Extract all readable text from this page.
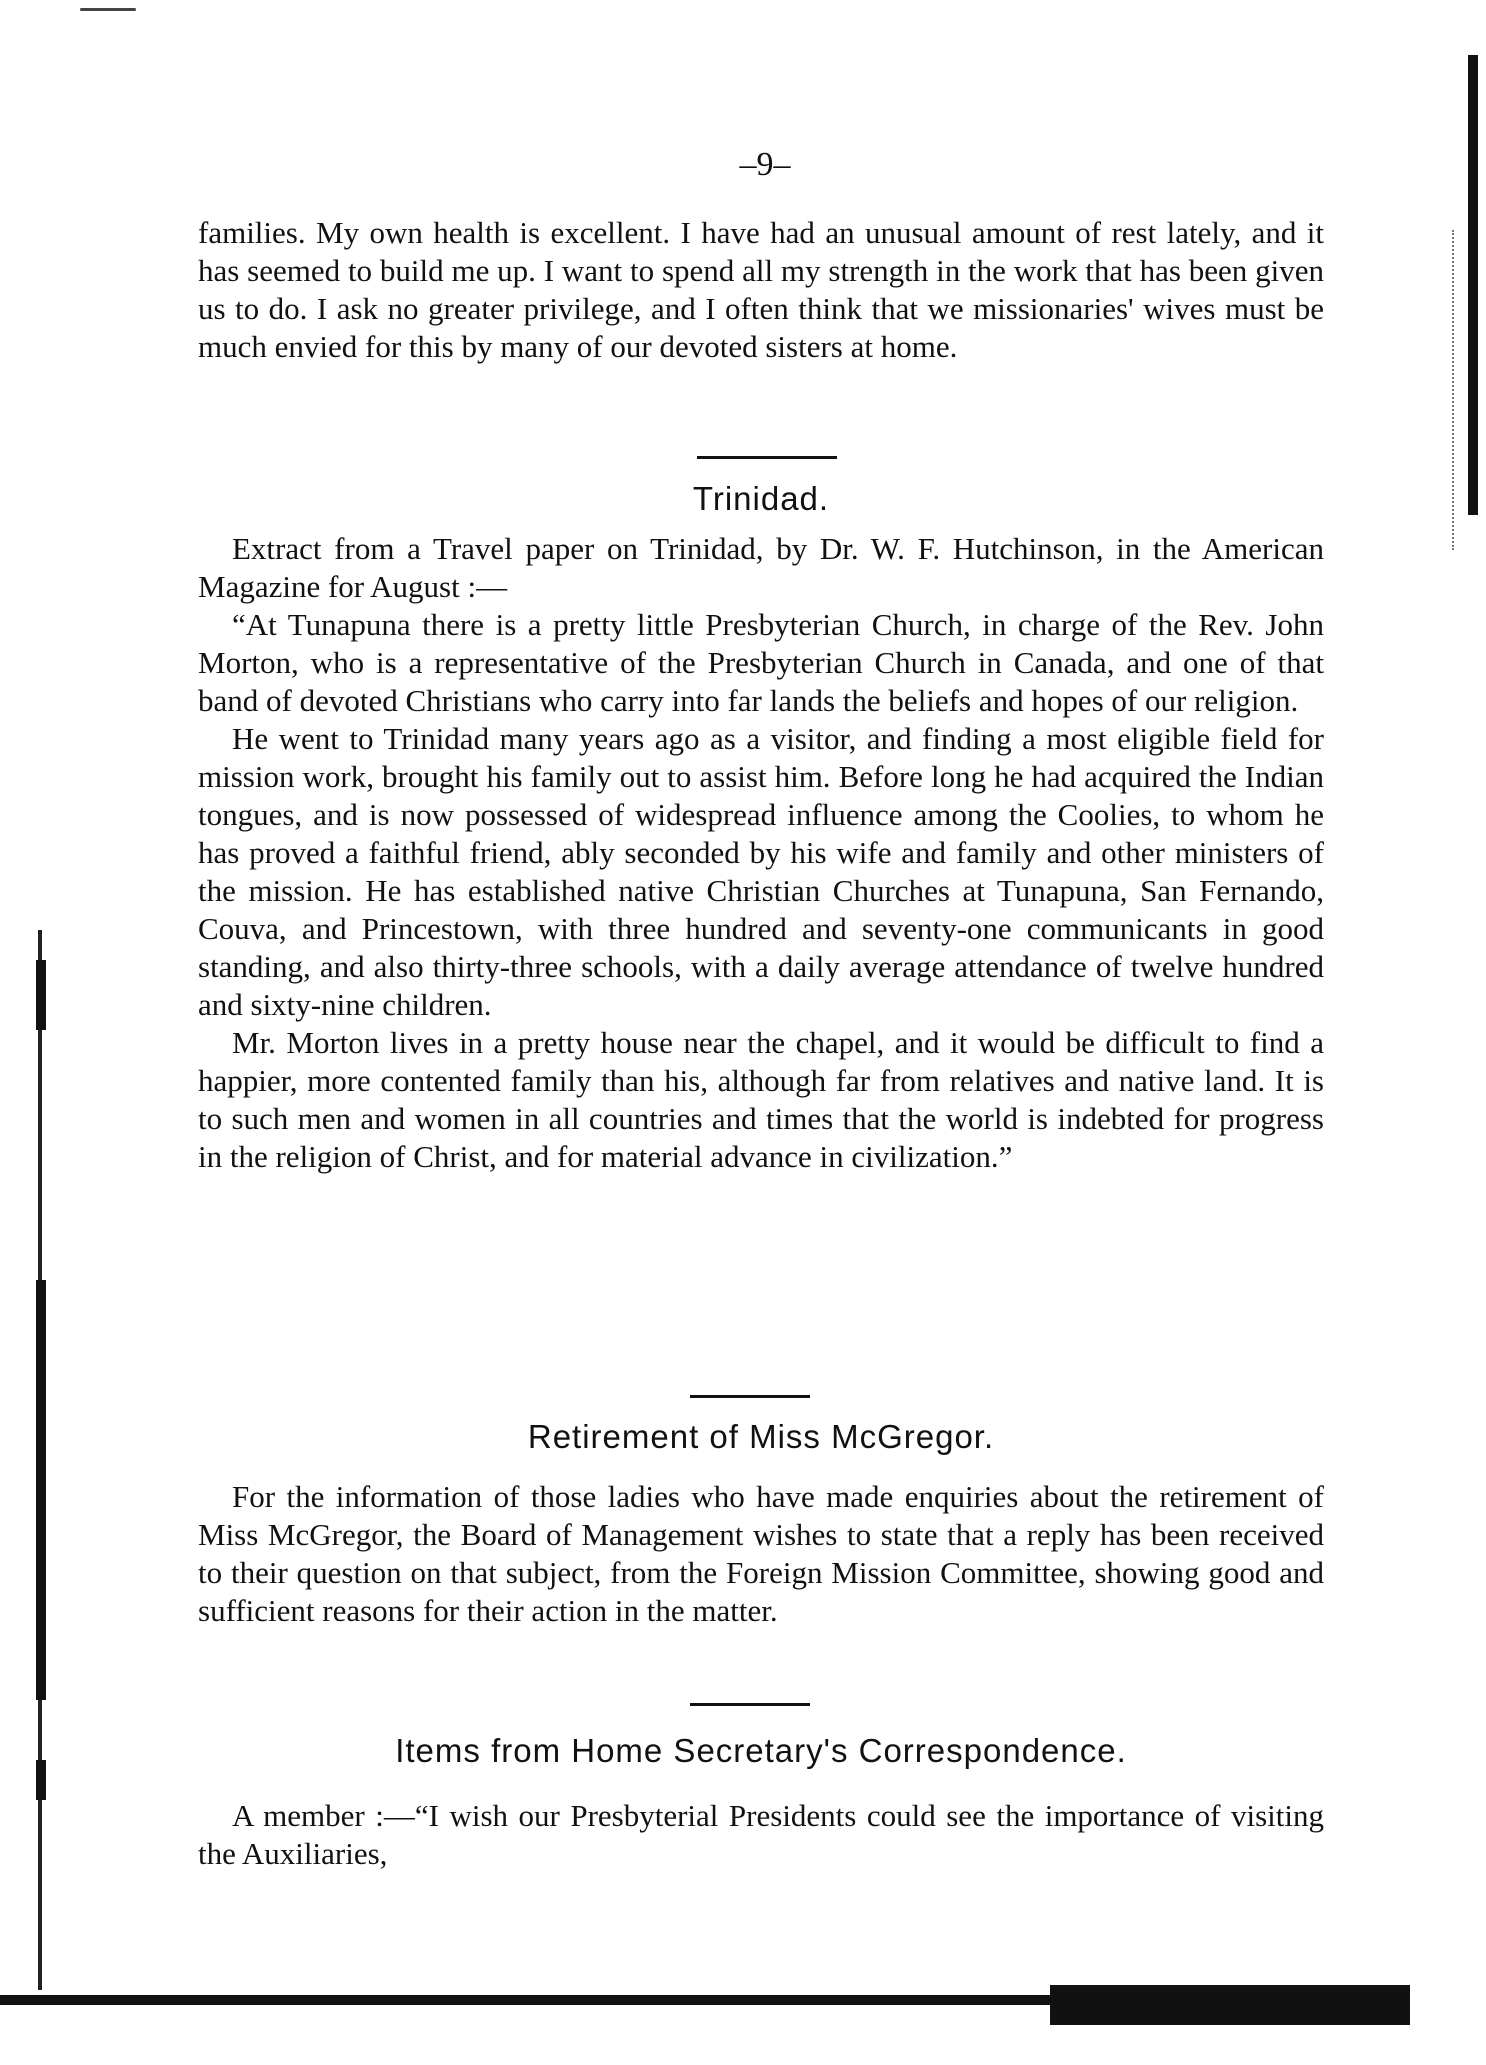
–9–

families. My own health is excellent. I have had an unusual amount of rest lately, and it has seemed to build me up. I want to spend all my strength in the work that has been given us to do. I ask no greater privilege, and I often think that we missionaries' wives must be much envied for this by many of our devoted sisters at home.

Trinidad.

Extract from a Travel paper on Trinidad, by Dr. W. F. Hutchinson, in the American Magazine for August :—

“At Tunapuna there is a pretty little Presbyterian Church, in charge of the Rev. John Morton, who is a representative of the Presbyterian Church in Canada, and one of that band of devoted Christians who carry into far lands the beliefs and hopes of our religion.

He went to Trinidad many years ago as a visitor, and finding a most eligible field for mission work, brought his family out to assist him. Before long he had acquired the Indian tongues, and is now possessed of widespread influence among the Coolies, to whom he has proved a faithful friend, ably seconded by his wife and family and other ministers of the mission. He has established native Christian Churches at Tunapuna, San Fernando, Couva, and Princestown, with three hundred and seventy-one communicants in good standing, and also thirty-three schools, with a daily average attendance of twelve hundred and sixty-nine children.

Mr. Morton lives in a pretty house near the chapel, and it would be difficult to find a happier, more contented family than his, although far from relatives and native land. It is to such men and women in all countries and times that the world is indebted for progress in the religion of Christ, and for material advance in civilization.”

Retirement of Miss McGregor.

For the information of those ladies who have made enquiries about the retirement of Miss McGregor, the Board of Management wishes to state that a reply has been received to their question on that subject, from the Foreign Mission Committee, showing good and sufficient reasons for their action in the matter.

Items from Home Secretary's Correspondence.

A member :—“I wish our Presbyterial Presidents could see the importance of visiting the Auxiliaries,
